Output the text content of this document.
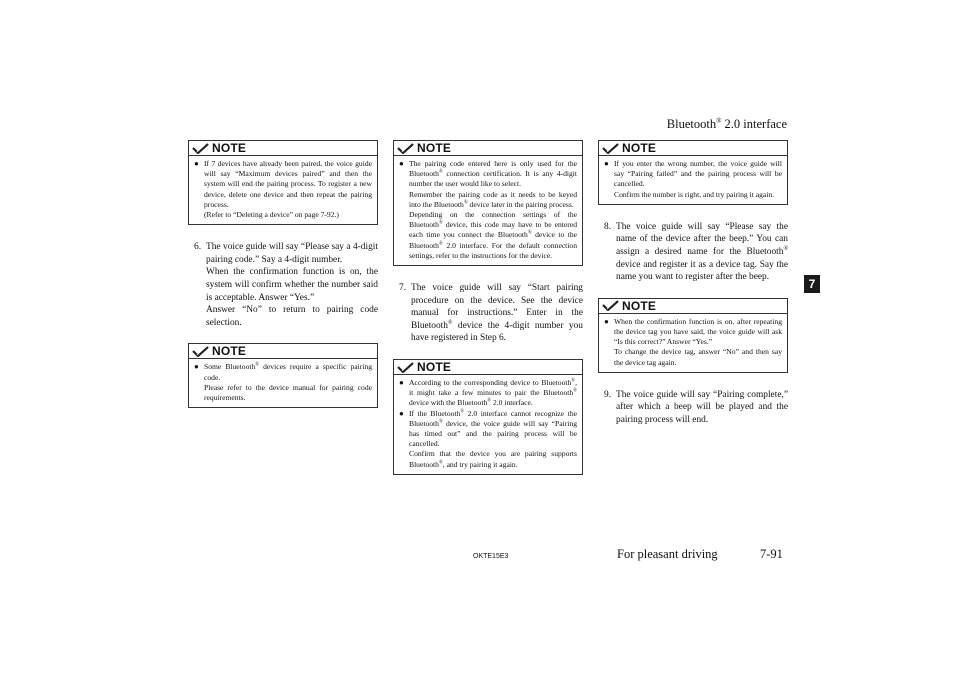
Bluetooth® 2.0 interface
7
NOTE
●

If 7 devices have already been paired, the voice guide will say “Maximum devices paired” and then the system will end the pairing process. To register a new device, delete one device and then repeat the pairing process.

(Refer to “Deleting a device” on page 7-92.)

6. The voice guide will say “Please say a 4-digit pairing code.” Say a 4-digit number.

When the confirmation function is on, the system will confirm whether the number said is acceptable. Answer “Yes.”

Answer “No” to return to pairing code selection.

NOTE
●

Some Bluetooth® devices require a specific pairing code.

Please refer to the device manual for pairing code requirements.

NOTE
●

The pairing code entered here is only used for the Bluetooth® connection certification. It is any 4-digit number the user would like to select.

Remember the pairing code as it needs to be keyed into the Bluetooth® device later in the pairing process.

Depending on the connection settings of the Bluetooth® device, this code may have to be entered each time you connect the Bluetooth® device to the Bluetooth® 2.0 interface. For the default connection settings, refer to the instructions for the device.

7. The voice guide will say “Start pairing procedure on the device. See the device manual for instructions.” Enter in the Bluetooth® device the 4-digit number you have registered in Step 6.

NOTE
●

According to the corresponding device to Bluetooth®, it might take a few minutes to pair the Bluetooth® device with the Bluetooth® 2.0 interface.

●

If the Bluetooth® 2.0 interface cannot recognize the Bluetooth® device, the voice guide will say “Pairing has timed out” and the pairing process will be cancelled.

Confirm that the device you are pairing supports Bluetooth®, and try pairing it again.

NOTE
●

If you enter the wrong number, the voice guide will say “Pairing failed” and the pairing process will be cancelled.

Confirm the number is right, and try pairing it again.

8. The voice guide will say “Please say the name of the device after the beep.” You can assign a desired name for the Bluetooth® device and register it as a device tag. Say the name you want to register after the beep.

NOTE
●

When the confirmation function is on, after repeating the device tag you have said, the voice guide will ask “Is this correct?” Answer “Yes.”

To change the device tag, answer “No” and then say the device tag again.

9. The voice guide will say “Pairing complete,” after which a beep will be played and the pairing process will end.

OKTE15E3	For pleasant driving	7-91
